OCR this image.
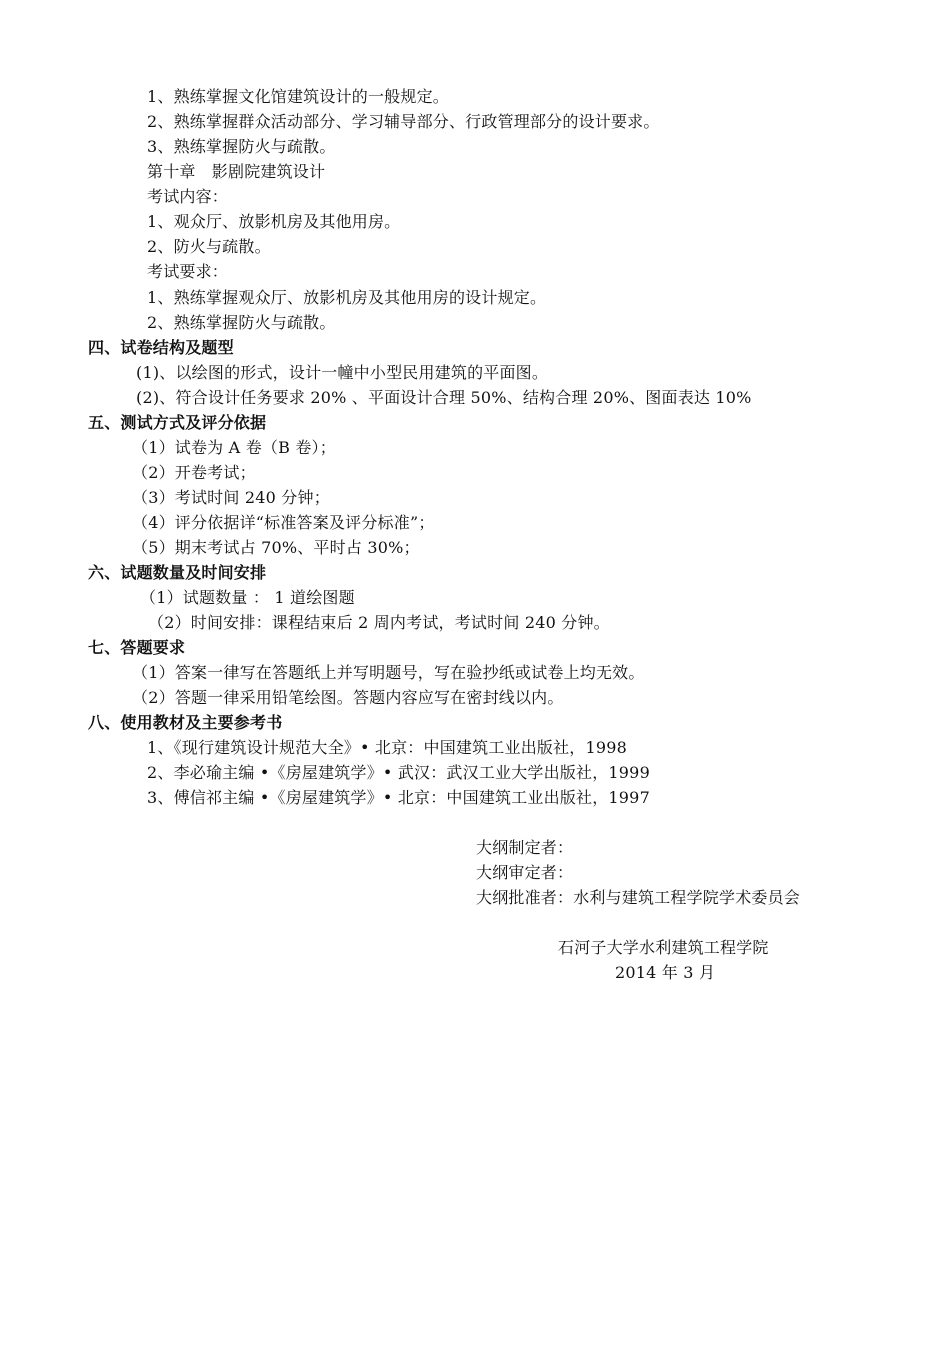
1、熟练掌握文化馆建筑设计的一般规定。
2、熟练掌握群众活动部分、学习辅导部分、行政管理部分的设计要求。
3、熟练掌握防火与疏散。
第十章　影剧院建筑设计
考试内容：
1、观众厅、放影机房及其他用房。
2、防火与疏散。
考试要求：
1、熟练掌握观众厅、放影机房及其他用房的设计规定。
2、熟练掌握防火与疏散。
四、试卷结构及题型
(1)、以绘图的形式，设计一幢中小型民用建筑的平面图。
(2)、符合设计任务要求 20% 、平面设计合理 50%、结构合理 20%、图面表达 10%
五、测试方式及评分依据
（1）试卷为 A 卷（B 卷）；
（2）开卷考试；
（3）考试时间 240 分钟；
（4）评分依据详“标准答案及评分标准”；
（5）期末考试占 70%、平时占 30%；
六、试题数量及时间安排
（1）试题数量 ： 1 道绘图题
（2）时间安排：课程结束后 2 周内考试，考试时间 240 分钟。
七、答题要求
（1）答案一律写在答题纸上并写明题号，写在验抄纸或试卷上均无效。
（2）答题一律采用铅笔绘图。答题内容应写在密封线以内。
八、使用教材及主要参考书
1、《现行建筑设计规范大全》• 北京：中国建筑工业出版社，1998
2、李必瑜主编 •《房屋建筑学》• 武汉：武汉工业大学出版社，1999
3、傅信祁主编 •《房屋建筑学》• 北京：中国建筑工业出版社，1997
大纲制定者：
大纲审定者：
大纲批准者：水利与建筑工程学院学术委员会
石河子大学水利建筑工程学院
2014 年 3 月
